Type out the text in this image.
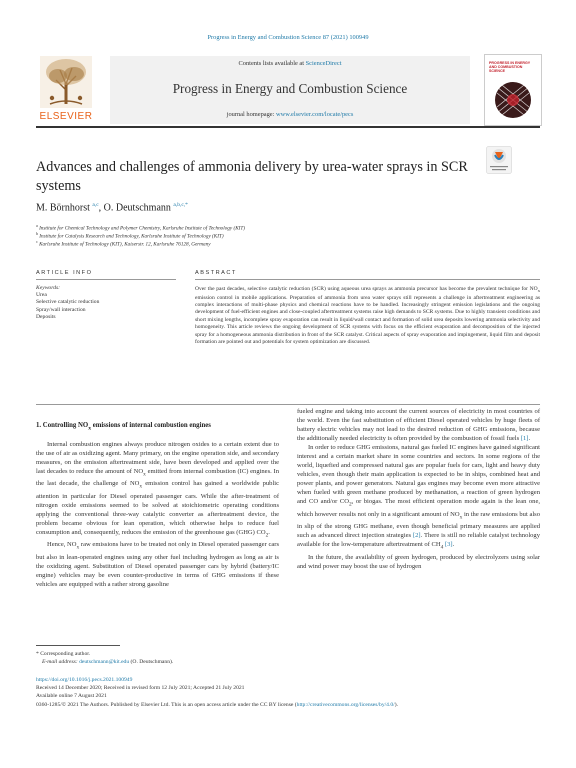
Progress in Energy and Combustion Science 87 (2021) 100949
ELSEVIER
Contents lists available at ScienceDirect
Progress in Energy and Combustion Science
journal homepage: www.elsevier.com/locate/pecs
PROGRESS IN ENERGY AND COMBUSTION SCIENCE
Advances and challenges of ammonia delivery by urea-water sprays in SCR systems
M. Börnhorst $^{a,c}$, O. Deutschmann $^{a,b,c,*}$
$^a$ Institute for Chemical Technology and Polymer Chemistry, Karlsruhe Institute of Technology (KIT)
$^b$ Institute for Catalysis Research and Technology, Karlsruhe Institute of Technology (KIT)
$^c$ Karlsruhe Institute of Technology (KIT), Kaiserstr. 12, Karlsruhe 76128, Germany
ARTICLE INFO	ABSTRACT
Keywords:
Urea
Selective catalytic reduction
Spray/wall interaction
Deposits
Over the past decades, selective catalytic reduction (SCR) using aqueous urea sprays as ammonia precursor has become the prevalent technique for $NO_x$ emission control in mobile applications. Preparation of ammonia from urea water sprays still represents a challenge in aftertreatment engineering as complex interactions of multi-phase physics and chemical reactions have to be handled. Increasingly stringent emission legislations and the ongoing development of fuel-efficient engines and close-coupled aftertreatment systems raise high demands to SCR systems. Due to highly transient conditions and short mixing lengths, incomplete spray evaporation can result in liquid/wall contact and formation of solid urea deposits lowering ammonia selectivity and homogeneity. This article reviews the ongoing development of SCR systems with focus on the efficient evaporation and decomposition of the injected spray for a homogeneous ammonia distribution in front of the SCR catalyst. Critical aspects of spray evaporation and impingement, liquid film and deposit formation are pointed out and potentials for system optimization are discussed.
1. Controlling $NO_x$ emissions of internal combustion engines

Internal combustion engines always produce nitrogen oxides to a certain extent due to the use of air as oxidizing agent. Many primary, on the engine operation side, and secondary measures, on the emission aftertreatment side, have been developed and applied over the last decades to reduce the amount of $NO_x$ emitted from internal combustion (IC) engines. In the last decade, the challenge of $NO_x$ emission control has gained a worldwide public attention in particular for Diesel operated passenger cars. While the after-treatment of nitrogen oxide emissions seemed to be solved at stoichiometric operating conditions applying the conventional three-way catalytic converter as aftertreatment device, the problem became obvious for lean operation, which otherwise helps to reduce fuel consumption and, consequently, reduces the emission of the greenhouse gas (GHG) $CO_2$.

Hence, $NO_x$ raw emissions have to be treated not only in Diesel operated passenger cars but also in lean-operated engines using any other fuel including hydrogen as long as air is the oxidizing agent. Substitution of Diesel operated passenger cars by hybrid (battery/IC engine) vehicles may be even counter-productive in terms of GHG emissions if these vehicles are equipped with a rather strong gasoline

fueled engine and taking into account the current sources of electricity in most countries of the world. Even the fast substitution of efficient Diesel operated vehicles by huge fleets of battery electric vehicles may not lead to the desired reduction of GHG emissions, because the additionally needed electricity is often provided by the combustion of fossil fuels [1].

In order to reduce GHG emissions, natural gas fueled IC engines have gained significant interest and a certain market share in some countries and sectors. In some regions of the world, liquefied and compressed natural gas are popular fuels for cars, light and heavy duty vehicles, even though their main application is expected to be in ships, combined heat and power plants, and power generators. Natural gas engines may become even more attractive when fueled with green methane produced by methanation, a reaction of green hydrogen and CO and/or $CO_2$, or biogas. The most efficient operation mode again is the lean one, which however results not only in a significant amount of $NO_x$ in the raw emissions but also in slip of the strong GHG methane, even though beneficial primary measures are applied such as advanced direct injection strategies [2]. There is still no reliable catalyst technology available for the low-temperature aftertreatment of $CH_4$ [3].

In the future, the availability of green hydrogen, produced by electrolyzers using solar and wind power may boost the use of hydrogen

* Corresponding author.
E-mail address: deutschmann@kit.edu (O. Deutschmann).
https://doi.org/10.1016/j.pecs.2021.100949
Received 14 December 2020; Received in revised form 12 July 2021; Accepted 21 July 2021
Available online 7 August 2021
0360-1285/© 2021 The Authors. Published by Elsevier Ltd. This is an open access article under the CC BY license (http://creativecommons.org/licenses/by/4.0/).
